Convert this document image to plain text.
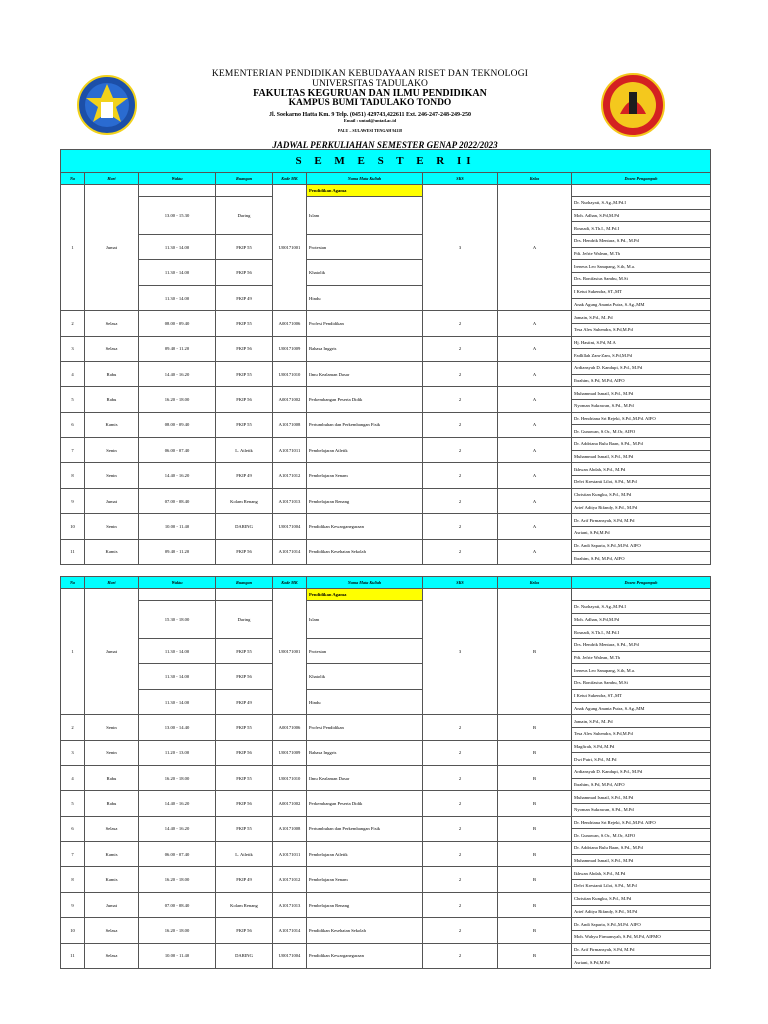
KEMENTERIAN PENDIDIKAN KEBUDAYAAN RISET DAN TEKNOLOGI
UNIVERSITAS TADULAKO
FAKULTAS KEGURUAN DAN ILMU PENDIDIKAN
KAMPUS BUMI TADULAKO TONDO
Jl. Soekarno Hatta Km. 9 Telp. (0451) 429743,422611 Ext. 246-247-248-249-250
Email : untad@untad.ac.id
PALU – SULAWESI TENGAH 94118
JADWAL PERKULIAHAN SEMESTER GENAP 2022/2023
S E M E S T E R II								
No	Hari	Waktu	Ruangan	Kode MK	Nama Mata Kuliah	SKS	Kelas	Dosen Pengampuh
1	Jumat			U00171001	Pendidikan Agama	3	A	
		13.00 - 15.30	Daring		Islam			Dr. Nurhayati, S.Ag.,M.Pd.I
								Moh. Adhan, S.Pd,M.Pd
								Rosnadi, S.Th.I., M.Pd.I
		11.30 - 14.00	FKIP 55		Protestan			Drs. Hendrik Mentara, S.Pd., M.Pd
								Pdt. Jefrie Walean, M.Th
		11.30 - 14.00	FKIP 56		Khatolik			Ireneus Leo Sanapang, S.th, M.a.
								Drs. Bonifasius Sambu, M.Si
		11.30 - 14.00	FKIP 49		Hindu			I Ketut Sukendra, ST.,MT
								Anak Agung Ananta Putra, S.Ag.,MM
2	Selasa	08.00 - 09.40	FKIP 55	A00171006	Profesi Pendidikan	2	A	Jamain, S.Pd., M..Pd
								Tesa Alex Suhendra, S.Pd,M.Pd
3	Selasa	09.40 - 11.20	FKIP 56	U00171009	Bahasa Inggris	2	A	Hj. Hastini, S.Pd, M.A
								Fadlillah Zam-Zam, S.Pd,M.Pd
4	Rabu	14.40 - 16.20	FKIP 55	U00171010	Ilmu Kealaman Dasar	2	A	Ardiansyah D. Kandupi, S.Pd., M.Pd
								Ibrahim, S.Pd, M.Pd, AIFO
5	Rabu	16.20 - 18.00	FKIP 56	A00171002	Perkembangan Peserta Didik	2	A	Muhammad Ismail, S.Pd., M.Pd
								Nyoman Sukrawan, S.Pd., M.Pd
6	Kamis	08.00 - 09.40	FKIP 55	A10171008	Pertumbuhan dan Perkembangan Fisik	2	A	Dr. Hendriana Sri Rejeki, S.Pd.,M.Pd. AIFO
								Dr. Gunawan, S.Or., M.Or, AIFO
7	Senin	06.00 - 07.40	L. Atletik	A10171011	Pembelajaran Atletik	2	A	Dr. Addriana Bulu Baan, S.Pd., M.Pd
								Muhammad Ismail, S.Pd., M.Pd
8	Senin	14.40 - 16.20	FKIP 49	A10171012	Pembelajaran Senam	2	A	Ikhwan Abdah, S.Pd., M.Pd
								Delvi Krestanti Liloi, S.Pd., M.Pd
9	Jumat	07.00 - 08.40	Kolam Renang	A10171013	Pembelajaran Renang	2	A	Christian Kungku, S.Pd., M.Pd
								Arief Aditya Rifandy, S.Pd., M.Pd
10	Senin	10.00 - 11.40	DARING	U00171004	Pendidikan Kewarganegaraan	2	A	Dr. Arif Firmansyah, S.Pd, M.Pd
								Asriani, S.Pd,M.Pd
11	Kamis	09.40 - 11.20	FKIP 56	A10171014	Pendidikan Kesehatan Sekolah	2	A	Dr. Andi Saparia, S.Pd.,M.Pd. AIFO
								Ibrahim, S.Pd, M.Pd, AIFO
No	Hari	Waktu	Ruangan	Kode MK	Nama Mata Kuliah	SKS	Kelas	Dosen Pengampuh
1	Jumat			U00171001	Pendidikan Agama	3	B	
		15.30 - 18.00	Daring		Islam			Dr. Nurhayati, S.Ag.,M.Pd.I
								Moh. Adhan, S.Pd,M.Pd
								Rosnadi, S.Th.I., M.Pd.I
		11.30 - 14.00	FKIP 55		Protestan			Drs. Hendrik Mentara, S.Pd., M.Pd
								Pdt. Jefrie Walean, M.Th
		11.30 - 14.00	FKIP 56		Khatolik			Ireneus Leo Sanapang, S.th, M.a.
								Drs. Bonifasius Sambu, M.Si
		11.30 - 14.00	FKIP 49		Hindu			I Ketut Sukendra, ST.,MT
								Anak Agung Ananta Putra, S.Ag.,MM
2	Senin	13.00 - 14.40	FKIP 55	A00171006	Profesi Pendidikan	2	B	Jamain, S.Pd., M..Pd
								Tesa Alex Suhendra, S.Pd,M.Pd
3	Senin	11.20 - 13.00	FKIP 56	U00171009	Bahasa Inggris	2	B	Magfirah, S.Pd,.M.Pd
								Dwi Putri, S.Pd., M.Pd
4	Rabu	16.20 - 18.00	FKIP 55	U00171010	Ilmu Kealaman Dasar	2	B	Ardiansyah D. Kandupi, S.Pd., M.Pd
								Ibrahim, S.Pd, M.Pd, AIFO
5	Rabu	14.40 - 16.20	FKIP 56	A00171002	Perkembangan Peserta Didik	2	B	Muhammad Ismail, S.Pd., M.Pd
								Nyoman Sukrawan, S.Pd., M.Pd
6	Selasa	14.40 - 16.20	FKIP 55	A10171008	Pertumbuhan dan Perkembangan Fisik	2	B	Dr. Hendriana Sri Rejeki, S.Pd.,M.Pd. AIFO
								Dr. Gunawan, S.Or., M.Or, AIFO
7	Kamis	06.00 - 07.40	L. Atletik	A10171011	Pembelajaran Atletik	2	B	Dr. Addriana Bulu Baan, S.Pd., M.Pd
								Muhammad Ismail, S.Pd., M.Pd
8	Kamis	16.20 - 18.00	FKIP 49	A10171012	Pembelajaran Senam	2	B	Ikhwan Abdah, S.Pd., M.Pd
								Delvi Krestanti Liloi, S.Pd., M.Pd
9	Jumat	07.00 - 08.40	Kolam Renang	A10171013	Pembelajaran Renang	2	B	Christian Kungku, S.Pd., M.Pd
								Arief Aditya Rifandy, S.Pd., M.Pd
10	Selasa	16.20 - 18.00	FKIP 56	A10171014	Pendidikan Kesehatan Sekolah	2	B	Dr. Andi Saparia, S.Pd.,M.Pd. AIFO
								Moh. Wahyu Firmansyah, S.Pd, M.Pd, AIFMO
11	Selasa	10.00 - 11.40	DARING	U00171004	Pendidikan Kewarganegaraan	2	B	Dr. Arif Firmansyah, S.Pd, M.Pd
								Asriani, S.Pd,M.Pd
